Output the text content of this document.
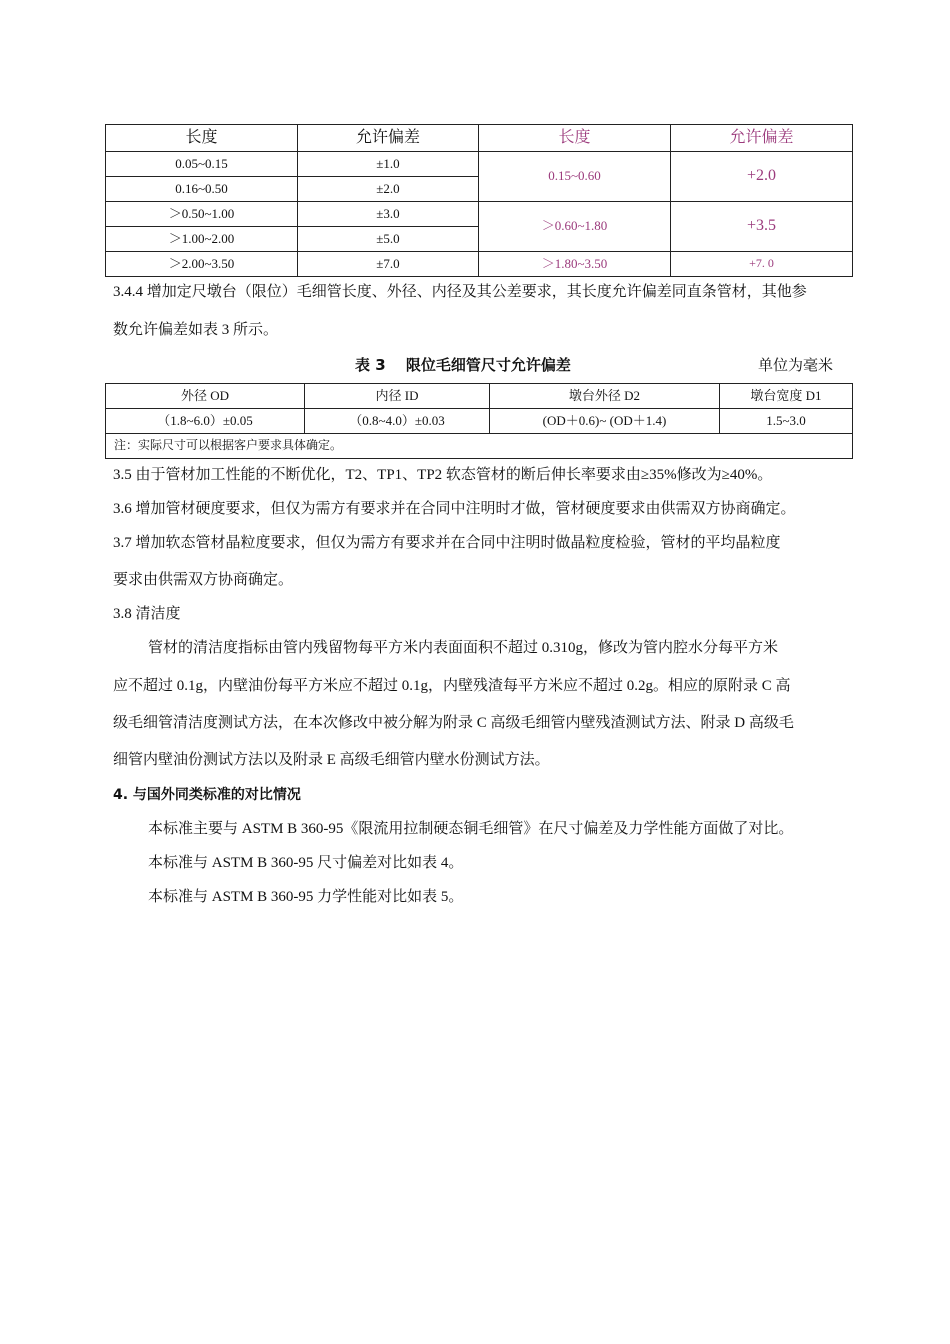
长度	允许偏差	长度	允许偏差
0.05~0.15	±1.0	0.15~0.60	+2.0
0.16~0.50	±2.0		
＞0.50~1.00	±3.0	＞0.60~1.80	+3.5
＞1.00~2.00	±5.0		
＞2.00~3.50	±7.0	＞1.80~3.50	+7. 0
3.4.4 增加定尺墩台（限位）毛细管长度、外径、内径及其公差要求，其长度允许偏差同直条管材，其他参
数允许偏差如表 3 所示。
表 3　 限位毛细管尺寸允许偏差	单位为毫米
外径 OD	内径 ID	墩台外径 D2	墩台宽度 D1
（1.8~6.0）±0.05	（0.8~4.0）±0.03	(OD＋0.6)~ (OD＋1.4)	1.5~3.0
注：实际尺寸可以根据客户要求具体确定。			
3.5 由于管材加工性能的不断优化，T2、TP1、TP2 软态管材的断后伸长率要求由≥35%修改为≥40%。
3.6 增加管材硬度要求，但仅为需方有要求并在合同中注明时才做，管材硬度要求由供需双方协商确定。
3.7 增加软态管材晶粒度要求，但仅为需方有要求并在合同中注明时做晶粒度检验，管材的平均晶粒度
要求由供需双方协商确定。
3.8 清洁度
管材的清洁度指标由管内残留物每平方米内表面面积不超过 0.310g，修改为管内腔水分每平方米
应不超过 0.1g，内壁油份每平方米应不超过 0.1g，内壁残渣每平方米应不超过 0.2g。相应的原附录 C 高
级毛细管清洁度测试方法，在本次修改中被分解为附录 C 高级毛细管内壁残渣测试方法、附录 D 高级毛
细管内壁油份测试方法以及附录 E 高级毛细管内壁水份测试方法。
4. 与国外同类标准的对比情况
本标准主要与 ASTM B 360-95《限流用拉制硬态铜毛细管》在尺寸偏差及力学性能方面做了对比。
本标准与 ASTM B 360-95 尺寸偏差对比如表 4。
本标准与 ASTM B 360-95 力学性能对比如表 5。
